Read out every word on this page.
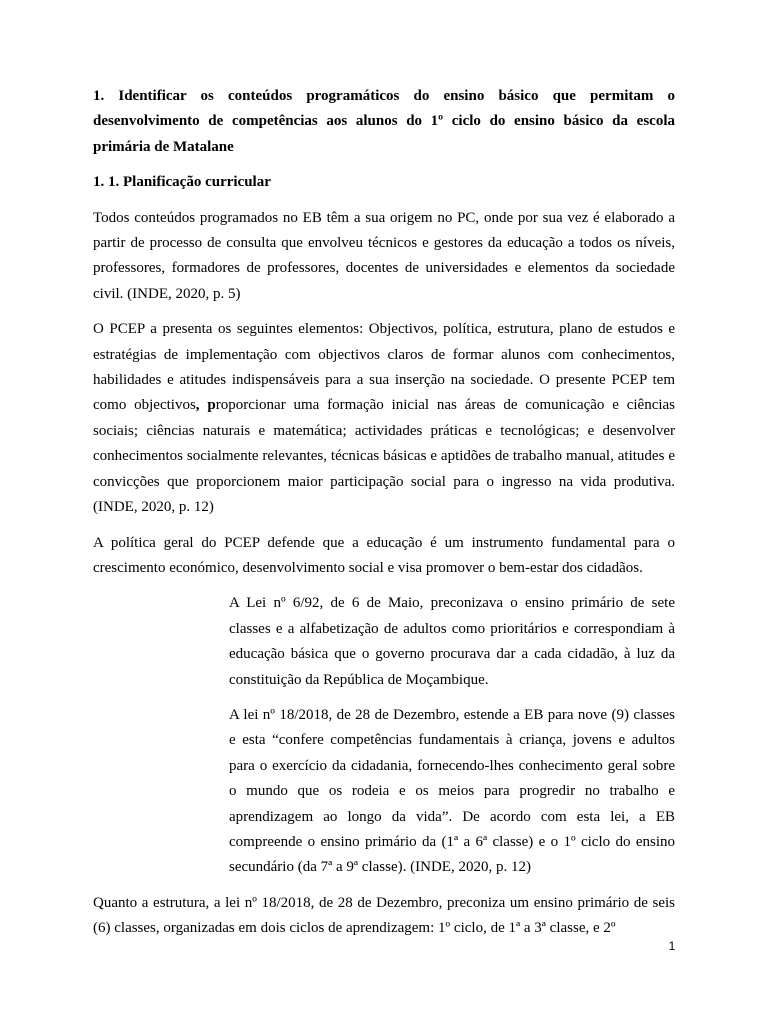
1. Identificar os conteúdos programáticos do ensino básico que permitam o desenvolvimento de competências aos alunos do 1º ciclo do ensino básico da escola primária de Matalane

1. 1. Planificação curricular

Todos conteúdos programados no EB têm a sua origem no PC, onde por sua vez é elaborado a partir de processo de consulta que envolveu técnicos e gestores da educação a todos os níveis, professores, formadores de professores, docentes de universidades e elementos da sociedade civil. (INDE, 2020, p. 5)

O PCEP a presenta os seguintes elementos: Objectivos, política, estrutura, plano de estudos e estratégias de implementação com objectivos claros de formar alunos com conhecimentos, habilidades e atitudes indispensáveis para a sua inserção na sociedade. O presente PCEP tem como objectivos, proporcionar uma formação inicial nas áreas de comunicação e ciências sociais; ciências naturais e matemática; actividades práticas e tecnológicas; e desenvolver conhecimentos socialmente relevantes, técnicas básicas e aptidões de trabalho manual, atitudes e convicções que proporcionem maior participação social para o ingresso na vida produtiva. (INDE, 2020, p. 12)

A política geral do PCEP defende que a educação é um instrumento fundamental para o crescimento económico, desenvolvimento social e visa promover o bem-estar dos cidadãos.

A Lei nº 6/92, de 6 de Maio, preconizava o ensino primário de sete classes e a alfabetização de adultos como prioritários e correspondiam à educação básica que o governo procurava dar a cada cidadão, à luz da constituição da República de Moçambique.

A lei nº 18/2018, de 28 de Dezembro, estende a EB para nove (9) classes e esta “confere competências fundamentais à criança, jovens e adultos para o exercício da cidadania, fornecendo-lhes conhecimento geral sobre o mundo que os rodeia e os meios para progredir no trabalho e aprendizagem ao longo da vida”. De acordo com esta lei, a EB compreende o ensino primário da (1ª a 6ª classe) e o 1º ciclo do ensino secundário (da 7ª a 9ª classe). (INDE, 2020, p. 12)

Quanto a estrutura, a lei nº 18/2018, de 28 de Dezembro, preconiza um ensino primário de seis (6) classes, organizadas em dois ciclos de aprendizagem: 1º ciclo, de 1ª a 3ª classe, e 2º

1
